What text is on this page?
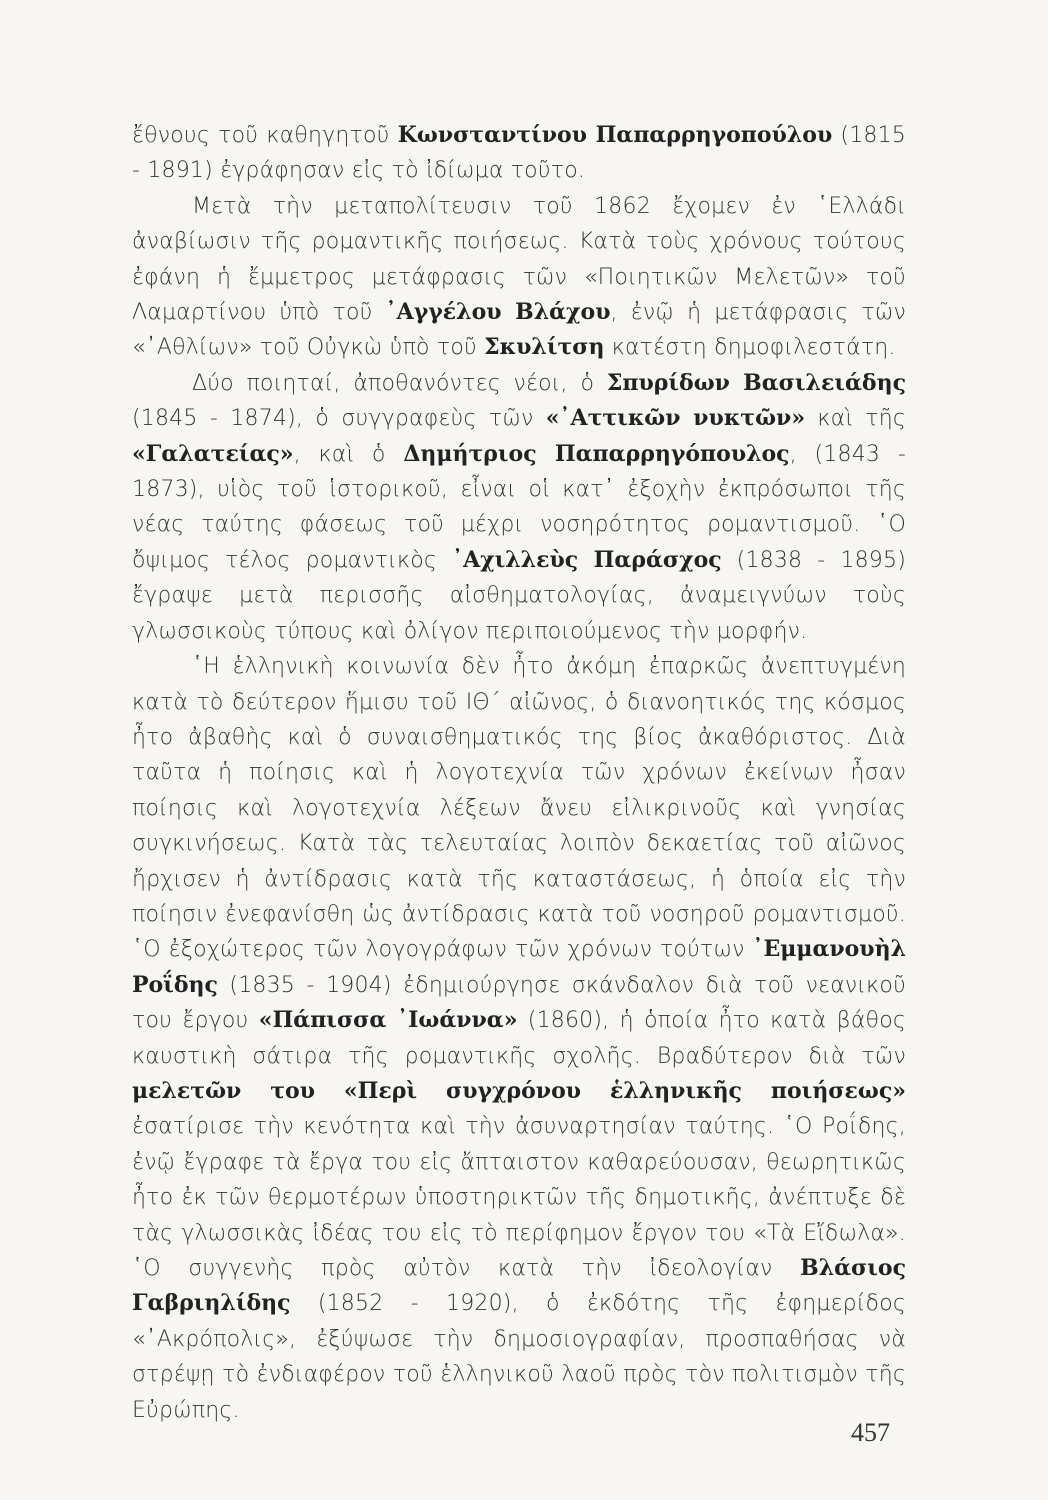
ἔθνους τοῦ καθηγητοῦ Κωνσταντίνου Παπαρρηγοπούλου (1815 - 1891) ἐγράφησαν εἰς τὸ ἰδίωμα τοῦτο.

Μετὰ τὴν μεταπολίτευσιν τοῦ 1862 ἔχομεν ἐν ῾Ελλάδι ἀναβίωσιν τῆς ρομαντικῆς ποιήσεως. Κατὰ τοὺς χρόνους τούτους ἐφάνη ἡ ἔμμετρος μετάφρασις τῶν «Ποιητικῶν Μελετῶν» τοῦ Λαμαρτίνου ὑπὸ τοῦ ᾿Αγγέλου Βλάχου, ἐνῷ ἡ μετάφρασις τῶν «᾿Αθλίων» τοῦ Οὐγκὼ ὑπὸ τοῦ Σκυλίτση κατέστη δημοφιλεστάτη.

Δύο ποιηταί, ἀποθανόντες νέοι, ὁ Σπυρίδων Βασιλειάδης (1845 - 1874), ὁ συγγραφεὺς τῶν «᾿Αττικῶν νυκτῶν» καὶ τῆς «Γαλατείας», καὶ ὁ Δημήτριος Παπαρρηγόπουλος, (1843 - 1873), υἱὸς τοῦ ἱστορικοῦ, εἶναι οἱ κατ᾿ ἐξοχὴν ἐκπρόσωποι τῆς νέας ταύτης φάσεως τοῦ μέχρι νοσηρότητος ρομαντισμοῦ. ῾Ο ὄψιμος τέλος ρομαντικὸς ᾿Αχιλλεὺς Παράσχος (1838 - 1895) ἔγραψε μετὰ περισσῆς αἰσθηματολογίας, ἀναμειγνύων τοὺς γλωσσικοὺς τύπους καὶ ὀλίγον περιποιούμενος τὴν μορφήν.

῾Η ἑλληνικὴ κοινωνία δὲν ἦτο ἀκόμη ἐπαρκῶς ἀνεπτυγμένη κατὰ τὸ δεύτερον ἥμισυ τοῦ ΙΘ΄ αἰῶνος, ὁ διανοητικός της κόσμος ἦτο ἀβαθὴς καὶ ὁ συναισθηματικός της βίος ἀκαθόριστος. Διὰ ταῦτα ἡ ποίησις καὶ ἡ λογοτεχνία τῶν χρόνων ἐκείνων ἦσαν ποίησις καὶ λογοτεχνία λέξεων ἄνευ εἰλικρινοῦς καὶ γνησίας συγκινήσεως. Κατὰ τὰς τελευταίας λοιπὸν δεκαετίας τοῦ αἰῶνος ἤρχισεν ἡ ἀντίδρασις κατὰ τῆς καταστάσεως, ἡ ὁποία εἰς τὴν ποίησιν ἐνεφανίσθη ὡς ἀντίδρασις κατὰ τοῦ νοσηροῦ ρομαντισμοῦ. ῾Ο ἐξοχώτερος τῶν λογογράφων τῶν χρόνων τούτων ᾿Εμμανουὴλ Ροΐδης (1835 - 1904) ἐδημιούργησε σκάνδαλον διὰ τοῦ νεανικοῦ του ἔργου «Πάπισσα ᾿Ιωάννα» (1860), ἡ ὁποία ἦτο κατὰ βάθος καυστικὴ σάτιρα τῆς ρομαντικῆς σχολῆς. Βραδύτερον διὰ τῶν μελετῶν του «Περὶ συγχρόνου ἑλληνικῆς ποιήσεως» ἐσατίρισε τὴν κενότητα καὶ τὴν ἀσυναρτησίαν ταύτης. ῾Ο Ροΐδης, ἐνῷ ἔγραφε τὰ ἔργα του εἰς ἄπταιστον καθαρεύουσαν, θεωρητικῶς ἦτο ἐκ τῶν θερμοτέρων ὑποστηρικτῶν τῆς δημοτικῆς, ἀνέπτυξε δὲ τὰς γλωσσικὰς ἰδέας του εἰς τὸ περίφημον ἔργον του «Τὰ Εἴδωλα». ῾Ο συγγενὴς πρὸς αὐτὸν κατὰ τὴν ἰδεολογίαν Βλάσιος Γαβριηλίδης (1852 - 1920), ὁ ἐκδότης τῆς ἐφημερίδος «᾿Ακρόπολις», ἐξύψωσε τὴν δημοσιογραφίαν, προσπαθήσας νὰ στρέψῃ τὸ ἐνδιαφέρον τοῦ ἑλληνικοῦ λαοῦ πρὸς τὸν πολιτισμὸν τῆς Εὐρώπης.

457
